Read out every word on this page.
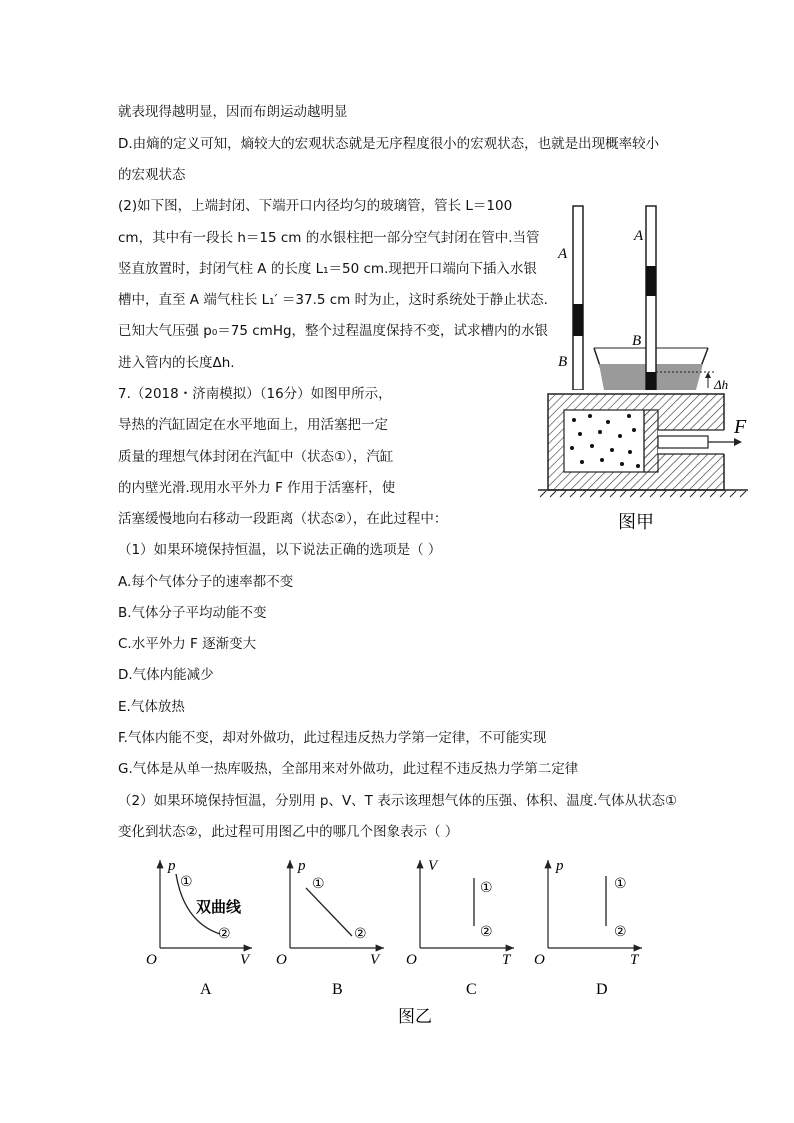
就表现得越明显，因而布朗运动越明显
D.由熵的定义可知，熵较大的宏观状态就是无序程度很小的宏观状态，也就是出现概率较小
的宏观状态
(2)如下图，上端封闭、下端开口内径均匀的玻璃管，管长 L＝100
cm，其中有一段长 h＝15 cm 的水银柱把一部分空气封闭在管中.当管
竖直放置时，封闭气柱 A 的长度 L₁＝50 cm.现把开口端向下插入水银
槽中，直至 A 端气柱长 L₁′ ＝37.5 cm 时为止，这时系统处于静止状态.
已知大气压强 p₀＝75 cmHg，整个过程温度保持不变，试求槽内的水银
进入管内的长度Δh.
7.（2018・济南模拟）（16分）如图甲所示，
导热的汽缸固定在水平地面上，用活塞把一定
质量的理想气体封闭在汽缸中（状态①），汽缸
的内壁光滑.现用水平外力 F 作用于活塞杆，使
活塞缓慢地向右移动一段距离（状态②），在此过程中：
（1）如果环境保持恒温，以下说法正确的选项是（ ）
A.每个气体分子的速率都不变
B.气体分子平均动能不变
C.水平外力 F 逐渐变大
D.气体内能减少
E.气体放热
F.气体内能不变，却对外做功，此过程违反热力学第一定律，不可能实现
G.气体是从单一热库吸热，全部用来对外做功，此过程不违反热力学第二定律
（2）如果环境保持恒温，分别用 p、V、T 表示该理想气体的压强、体积、温度.气体从状态①
变化到状态②，此过程可用图乙中的哪几个图象表示（ ）
A
B
A
B
Δh
F
图甲
p
V
O
①
②
双曲线
A
p
V
O
①
②
B
V
T
O
①
②
C
p
T
O
①
②
D
图乙
